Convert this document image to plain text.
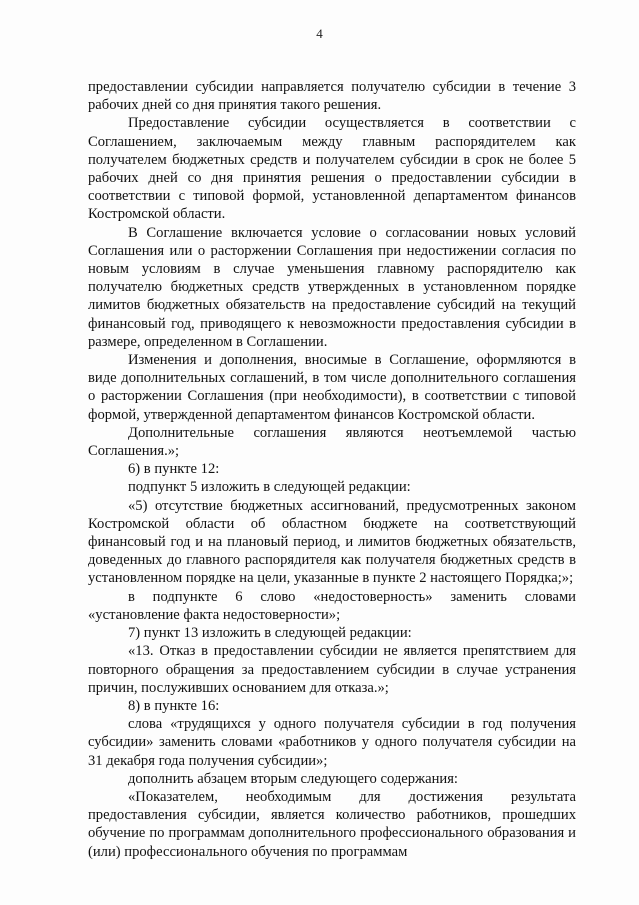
4

предоставлении субсидии направляется получателю субсидии в течение 3 рабочих дней со дня принятия такого решения.

Предоставление субсидии осуществляется в соответствии с Соглашением, заключаемым между главным распорядителем как получателем бюджетных средств и получателем субсидии в срок не более 5 рабочих дней со дня принятия решения о предоставлении субсидии в соответствии с типовой формой, установленной департаментом финансов Костромской области.

В Соглашение включается условие о согласовании новых условий Соглашения или о расторжении Соглашения при недостижении согласия по новым условиям в случае уменьшения главному распорядителю как получателю бюджетных средств утвержденных в установленном порядке лимитов бюджетных обязательств на предоставление субсидий на текущий финансовый год, приводящего к невозможности предоставления субсидии в размере, определенном в Соглашении.

Изменения и дополнения, вносимые в Соглашение, оформляются в виде дополнительных соглашений, в том числе дополнительного соглашения о расторжении Соглашения (при необходимости), в соответствии с типовой формой, утвержденной департаментом финансов Костромской области.

Дополнительные соглашения являются неотъемлемой частью Соглашения.»;

6) в пункте 12:

подпункт 5 изложить в следующей редакции:

«5) отсутствие бюджетных ассигнований, предусмотренных законом Костромской области об областном бюджете на соответствующий финансовый год и на плановый период, и лимитов бюджетных обязательств, доведенных до главного распорядителя как получателя бюджетных средств в установленном порядке на цели, указанные в пункте 2 настоящего Порядка;»;

в подпункте 6 слово «недостоверность» заменить словами «установление факта недостоверности»;

7) пункт 13 изложить в следующей редакции:

«13. Отказ в предоставлении субсидии не является препятствием для повторного обращения за предоставлением субсидии в случае устранения причин, послуживших основанием для отказа.»;

8) в пункте 16:

слова «трудящихся у одного получателя субсидии в год получения субсидии» заменить словами «работников у одного получателя субсидии на 31 декабря года получения субсидии»;

дополнить абзацем вторым следующего содержания:

«Показателем, необходимым для достижения результата предоставления субсидии, является количество работников, прошедших обучение по программам дополнительного профессионального образования и (или) профессионального обучения по программам
